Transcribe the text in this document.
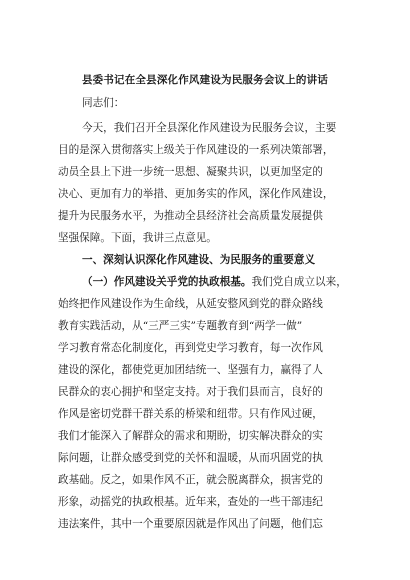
县委书记在全县深化作风建设为民服务会议上的讲话
同志们：
今天，我们召开全县深化作风建设为民服务会议，主要
目的是深入贯彻落实上级关于作风建设的一系列决策部署，
动员全县上下进一步统一思想、凝聚共识，以更加坚定的
决心、更加有力的举措、更加务实的作风，深化作风建设，
提升为民服务水平，为推动全县经济社会高质量发展提供
坚强保障。下面，我讲三点意见。
一、深刻认识深化作风建设、为民服务的重要意义
（一）作风建设关乎党的执政根基。我们党自成立以来，
始终把作风建设作为生命线，从延安整风到党的群众路线
教育实践活动，从“三严三实”专题教育到“两学一做”
学习教育常态化制度化，再到党史学习教育，每一次作风
建设的深化，都使党更加团结统一、坚强有力，赢得了人
民群众的衷心拥护和坚定支持。对于我们县而言，良好的
作风是密切党群干群关系的桥梁和纽带。只有作风过硬，
我们才能深入了解群众的需求和期盼，切实解决群众的实
际问题，让群众感受到党的关怀和温暖，从而巩固党的执
政基础。反之，如果作风不正，就会脱离群众，损害党的
形象，动摇党的执政根基。近年来，查处的一些干部违纪
违法案件，其中一个重要原因就是作风出了问题，他们忘
